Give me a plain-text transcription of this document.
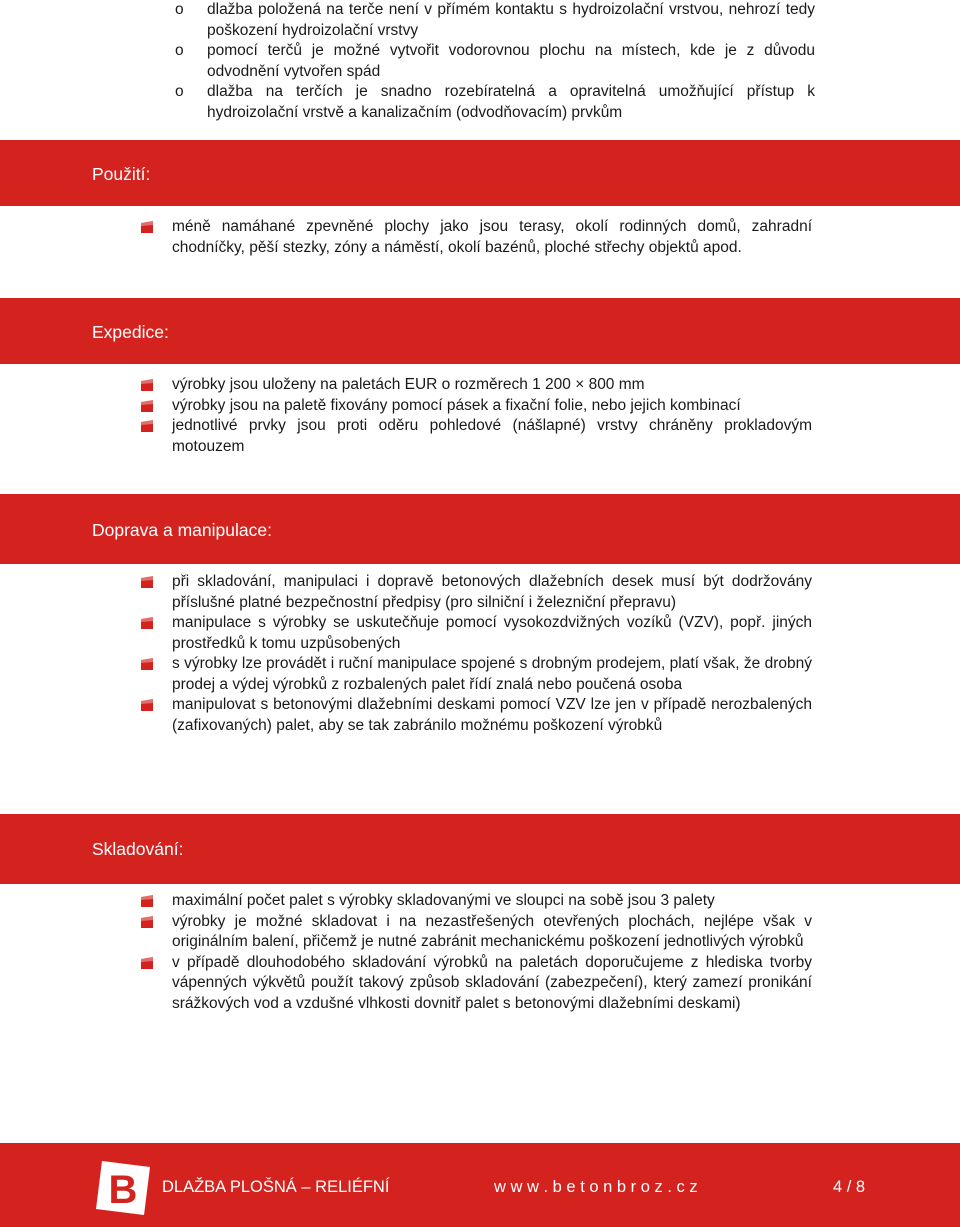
o dlažba položená na terče není v přímém kontaktu s hydroizolační vrstvou, nehrozí tedy poškození hydroizolační vrstvy
o pomocí terčů je možné vytvořit vodorovnou plochu na místech, kde je z důvodu odvodnění vytvořen spád
o dlažba na terčích je snadno rozebíratelná a opravitelná umožňující přístup k hydroizolační vrstvě a kanalizačním (odvodňovacím) prvkům
Použití:
méně namáhané zpevněné plochy jako jsou terasy, okolí rodinných domů, zahradní chodníčky, pěší stezky, zóny a náměstí, okolí bazénů, ploché střechy objektů apod.
Expedice:
výrobky jsou uloženy na paletách EUR o rozměrech 1 200 × 800 mm
výrobky jsou na paletě fixovány pomocí pásek a fixační folie, nebo jejich kombinací
jednotlivé prvky jsou proti oděru pohledové (nášlapné) vrstvy chráněny prokladovým motouzem
Doprava a manipulace:
při skladování, manipulaci i dopravě betonových dlažebních desek musí být dodržovány příslušné platné bezpečnostní předpisy (pro silniční i železniční přepravu)
manipulace s výrobky se uskutečňuje pomocí vysokozdvižných vozíků (VZV), popř. jiných prostředků k tomu uzpůsobených
s výrobky lze provádět i ruční manipulace spojené s drobným prodejem, platí však, že drobný prodej a výdej výrobků z rozbalených palet řídí znalá nebo poučená osoba
manipulovat s betonovými dlažebními deskami pomocí VZV lze jen v případě nerozbalených (zafixovaných) palet, aby se tak zabránilo možnému poškození výrobků
Skladování:
maximální počet palet s výrobky skladovanými ve sloupci na sobě jsou 3 palety
výrobky je možné skladovat i na nezastřešených otevřených plochách, nejlépe však v originálním balení, přičemž je nutné zabránit mechanickému poškození jednotlivých výrobků
v případě dlouhodobého skladování výrobků na paletách doporučujeme z hlediska tvorby vápenných výkvětů použít takový způsob skladování (zabezpečení), který zamezí pronikání srážkových vod a vzdušné vlhkosti dovnitř palet s betonovými dlažebními deskami)
B DLAŽBA PLOŠNÁ – RELIÉFNÍ	w w w . b e t o n b r o z . c z	4 / 8
